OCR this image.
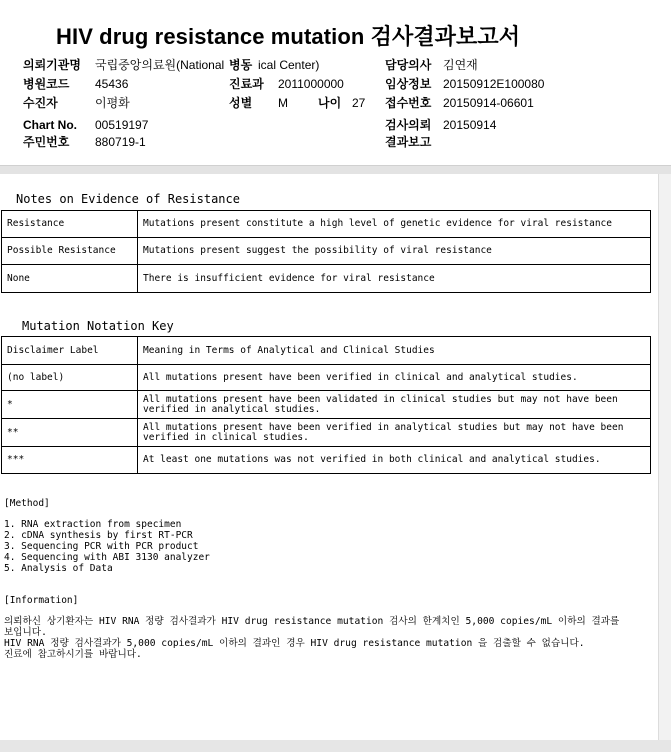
HIV drug resistance mutation 검사결과보고서
의뢰기관명 국립중앙의료원(National 병동 ical Center)	담당의사 김연재
병원코드 45436	진료과 2011000000	임상정보 20150912E100080
수진자	이평화	성별 M	나이 27 접수번호 20150914-06601
Chart No. 00519197	검사의뢰 20150914
주민번호 880719-1	결과보고
Notes on Evidence of Resistance
Resistance	Mutations present constitute a high level of genetic evidence for viral resistance
Possible Resistance	Mutations present suggest the possibility of viral resistance
None	There is insufficient evidence for viral resistance
Mutation Notation Key
Disclaimer Label	Meaning in Terms of Analytical and Clinical Studies
(no label)	All mutations present have been verified in clinical and analytical studies.
*	All mutations present have been validated in clinical studies but may not have been verified in analytical studies.
**	All mutations present have been verified in analytical studies but may not have been verified in clinical studies.
***	At least one mutations was not verified in both clinical and analytical studies.
[Method]
1. RNA extraction from specimen
2. cDNA synthesis by first RT-PCR
3. Sequencing PCR with PCR product
4. Sequencing with ABI 3130 analyzer
5. Analysis of Data
[Information]
의뢰하신 상기환자는 HIV RNA 정량 검사결과가 HIV drug resistance mutation 검사의 한계치인 5,000 copies/mL 이하의 결과를
보입니다.
HIV RNA 정량 검사결과가 5,000 copies/mL 이하의 결과인 경우 HIV drug resistance mutation 을 검출할 수 없습니다.
진료에 참고하시기를 바랍니다.
